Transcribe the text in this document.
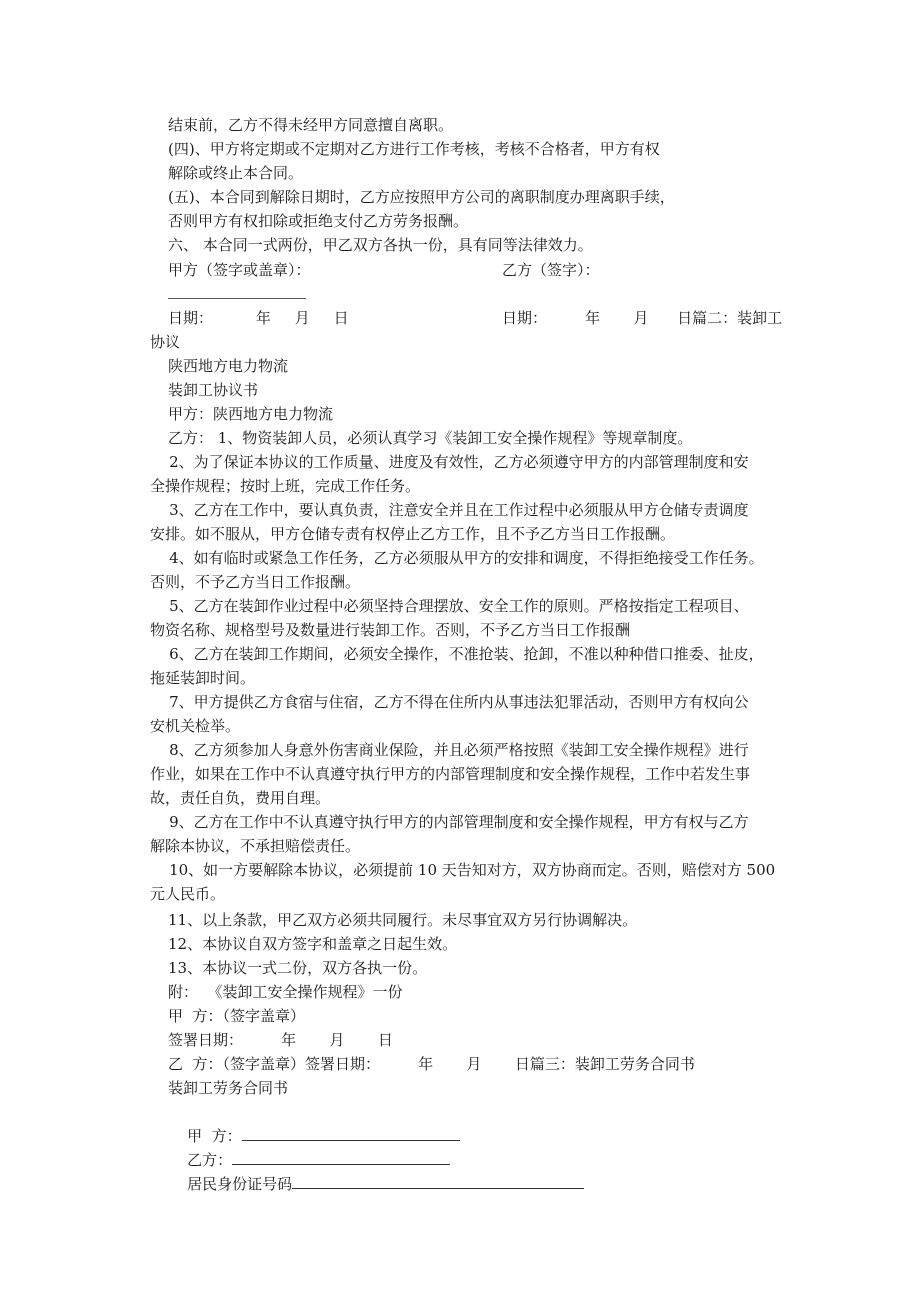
结束前，乙方不得未经甲方同意擅自离职。
(四)、甲方将定期或不定期对乙方进行工作考核，考核不合格者，甲方有权
解除或终止本合同。
(五)、本合同到解除日期时，乙方应按照甲方公司的离职制度办理离职手续，
否则甲方有权扣除或拒绝支付乙方劳务报酬。
六、 本合同一式两份，甲乙双方各执一份，具有同等法律效力。
甲方（签字或盖章）：	乙方（签字）：
日期：         年     月     日	日期：        年       月      日篇二：装卸工
协议
陕西地方电力物流
装卸工协议书
甲方：陕西地方电力物流
乙方： 1、物资装卸人员，必须认真学习《装卸工安全操作规程》等规章制度。
2、为了保证本协议的工作质量、进度及有效性，乙方必须遵守甲方的内部管理制度和安
全操作规程；按时上班，完成工作任务。
3、乙方在工作中，要认真负责，注意安全并且在工作过程中必须服从甲方仓储专责调度
安排。如不服从，甲方仓储专责有权停止乙方工作，且不予乙方当日工作报酬。
4、如有临时或紧急工作任务，乙方必须服从甲方的安排和调度，不得拒绝接受工作任务。
否则，不予乙方当日工作报酬。
5、乙方在装卸作业过程中必须坚持合理摆放、安全工作的原则。严格按指定工程项目、
物资名称、规格型号及数量进行装卸工作。否则，不予乙方当日工作报酬
6、乙方在装卸工作期间，必须安全操作，不准抢装、抢卸，不准以种种借口推委、扯皮，
拖延装卸时间。
7、甲方提供乙方食宿与住宿，乙方不得在住所内从事违法犯罪活动，否则甲方有权向公
安机关检举。
8、乙方须参加人身意外伤害商业保险，并且必须严格按照《装卸工安全操作规程》进行
作业，如果在工作中不认真遵守执行甲方的内部管理制度和安全操作规程，工作中若发生事
故，责任自负，费用自理。
9、乙方在工作中不认真遵守执行甲方的内部管理制度和安全操作规程，甲方有权与乙方
解除本协议，不承担赔偿责任。
10、如一方要解除本协议，必须提前 10 天告知对方，双方协商而定。否则，赔偿对方 500
元人民币。
11、以上条款，甲乙双方必须共同履行。未尽事宜双方另行协调解决。
12、本协议自双方签字和盖章之日起生效。
13、本协议一式二份，双方各执一份。
附：  《装卸工安全操作规程》一份
甲  方：（签字盖章）
签署日期：        年       月       日
乙  方：（签字盖章）签署日期：        年       月       日篇三：装卸工劳务合同书
装卸工劳务合同书

甲  方：

乙方：

居民身份证号码
